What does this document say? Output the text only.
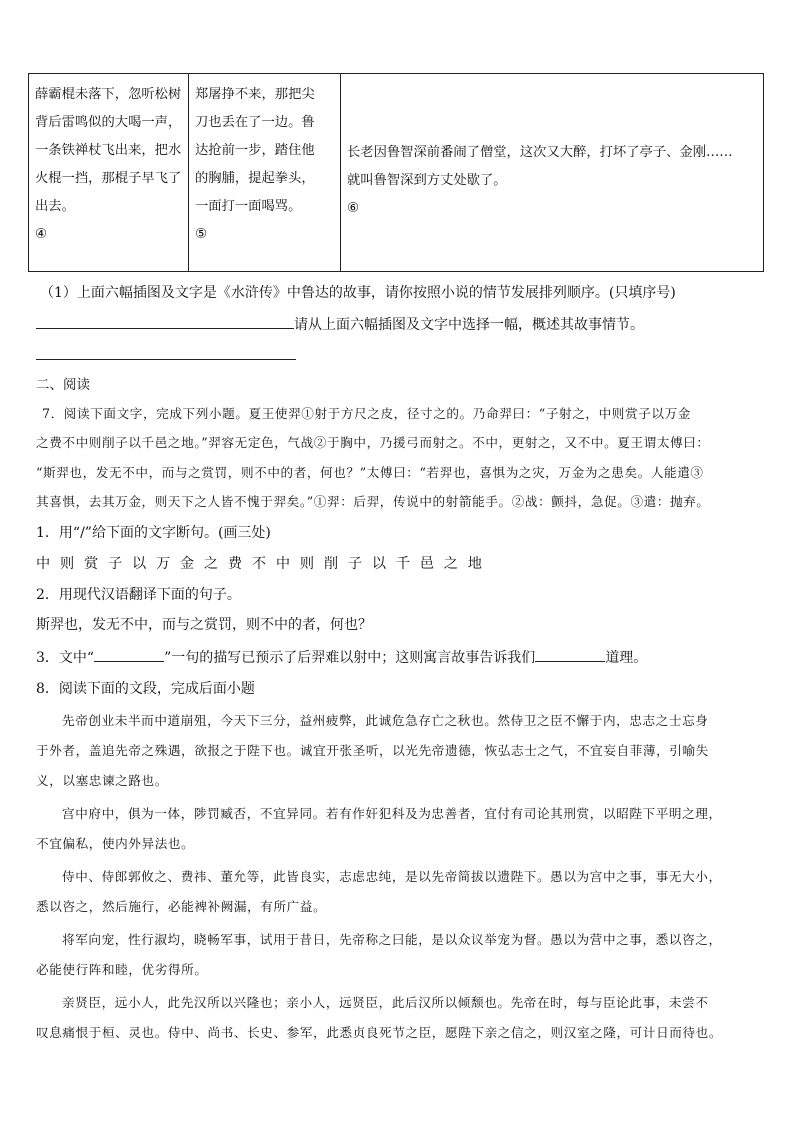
薛霸棍未落下，忽听松树

背后雷鸣似的大喝一声，

一条铁禅杖飞出来，把水

火棍一挡，那棍子早飞了

出去。

④

郑屠挣不来，那把尖

刀也丢在了一边。鲁

达抢前一步，踏住他

的胸脯，提起拳头，

一面打一面喝骂。

⑤

长老因鲁智深前番闹了僧堂，这次又大醉，打坏了亭子、金刚……

就叫鲁智深到方丈处歇了。

⑥

（1）上面六幅插图及文字是《水浒传》中鲁达的故事，请你按照小说的情节发展排列顺序。(只填序号)
请从上面六幅插图及文字中选择一幅，概述其故事情节。
二、阅读
7．阅读下面文字，完成下列小题。夏王使羿①射于方尺之皮，径寸之的。乃命羿曰：“子射之，中则赏子以万金
之费不中则削子以千邑之地。”羿容无定色，气战②于胸中，乃援弓而射之。不中，更射之，又不中。夏王谓太傅曰：
“斯羿也，发无不中，而与之赏罚，则不中的者，何也？”太傅曰：“若羿也，喜惧为之灾，万金为之患矣。人能遣③
其喜惧，去其万金，则天下之人皆不愧于羿矣。”①羿：后羿，传说中的射箭能手。②战：颤抖，急促。③遣：抛弃。
1．用“/”给下面的文字断句。(画三处)
中则赏子以万金之费不中则削子以千邑之地
2．用现代汉语翻译下面的句子。
斯羿也，发无不中，而与之赏罚，则不中的者，何也？
3．文中“	”一句的描写已预示了后羿难以射中；这则寓言故事告诉我们	道理。
8．阅读下面的文段，完成后面小题
先帝创业未半而中道崩殂，今天下三分，益州疲弊，此诚危急存亡之秋也。然侍卫之臣不懈于内，忠志之士忘身
于外者，盖追先帝之殊遇，欲报之于陛下也。诚宜开张圣听，以光先帝遗德，恢弘志士之气，不宜妄自菲薄，引喻失
义，以塞忠谏之路也。
宫中府中，俱为一体，陟罚臧否，不宜异同。若有作奸犯科及为忠善者，宜付有司论其刑赏，以昭陛下平明之理，
不宜偏私，使内外异法也。
侍中、侍郎郭攸之、费祎、董允等，此皆良实，志虑忠纯，是以先帝简拔以遗陛下。愚以为宫中之事，事无大小，
悉以咨之，然后施行，必能裨补阙漏，有所广益。
将军向宠，性行淑均，晓畅军事，试用于昔日，先帝称之曰能，是以众议举宠为督。愚以为营中之事，悉以咨之，
必能使行阵和睦，优劣得所。
亲贤臣，远小人，此先汉所以兴隆也；亲小人，远贤臣，此后汉所以倾颓也。先帝在时，每与臣论此事，未尝不
叹息痛恨于桓、灵也。侍中、尚书、长史、参军，此悉贞良死节之臣，愿陛下亲之信之，则汉室之隆，可计日而待也。
